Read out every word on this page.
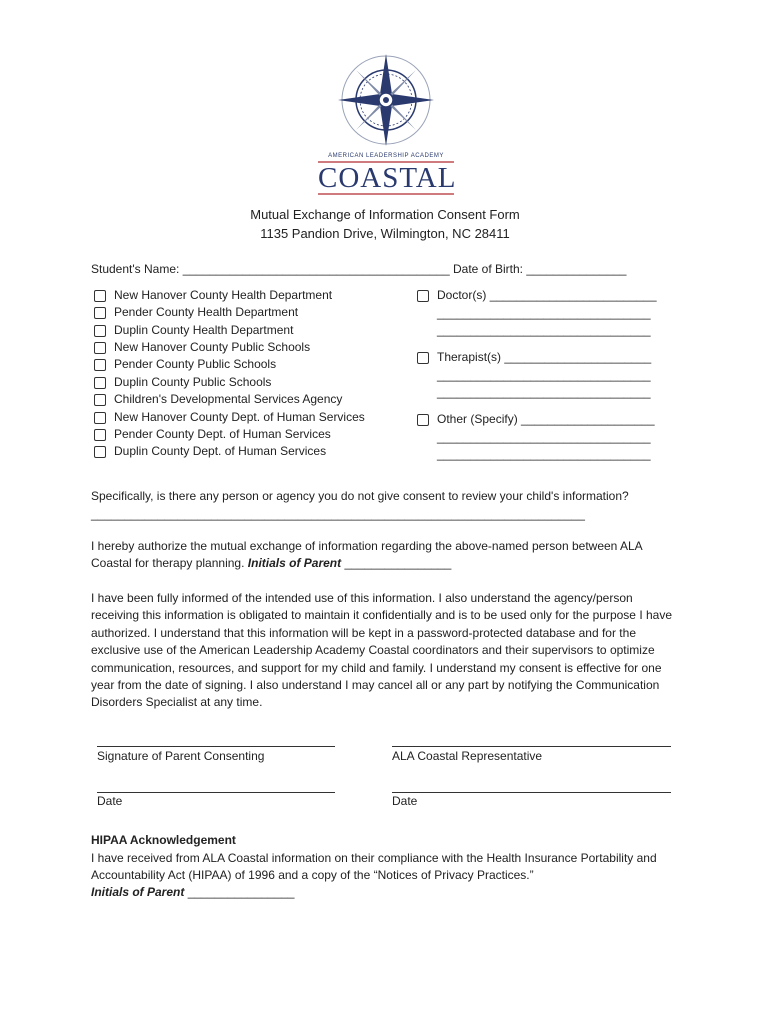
AMERICAN LEADERSHIP ACADEMY
COASTAL
Mutual Exchange of Information Consent Form
1135 Pandion Drive, Wilmington, NC 28411
Student's Name: ________________________________________ Date of Birth: _______________
New Hanover County Health Department
Pender County Health Department
Duplin County Health Department
New Hanover County Public Schools
Pender County Public Schools
Duplin County Public Schools
Children's Developmental Services Agency
New Hanover County Dept. of Human Services
Pender County Dept. of Human Services
Duplin County Dept. of Human Services
Doctor(s) _________________________
________________________________
________________________________
Therapist(s) ______________________
________________________________
________________________________
Other (Specify) ____________________
________________________________
________________________________
Specifically, is there any person or agency you do not give consent to review your child's information?
__________________________________________________________________________
I hereby authorize the mutual exchange of information regarding the above-named person between ALA Coastal for therapy planning. Initials of Parent ________________
I have been fully informed of the intended use of this information. I also understand the agency/person receiving this information is obligated to maintain it confidentially and is to be used only for the purpose I have authorized. I understand that this information will be kept in a password-protected database and for the exclusive use of the American Leadership Academy Coastal coordinators and their supervisors to optimize communication, resources, and support for my child and family. I understand my consent is effective for one year from the date of signing. I also understand I may cancel all or any part by notifying the Communication Disorders Specialist at any time.
Signature of Parent Consenting	ALA Coastal Representative
Date	Date
HIPAA Acknowledgement
I have received from ALA Coastal information on their compliance with the Health Insurance Portability and Accountability Act (HIPAA) of 1996 and a copy of the “Notices of Privacy Practices.”
Initials of Parent ________________
